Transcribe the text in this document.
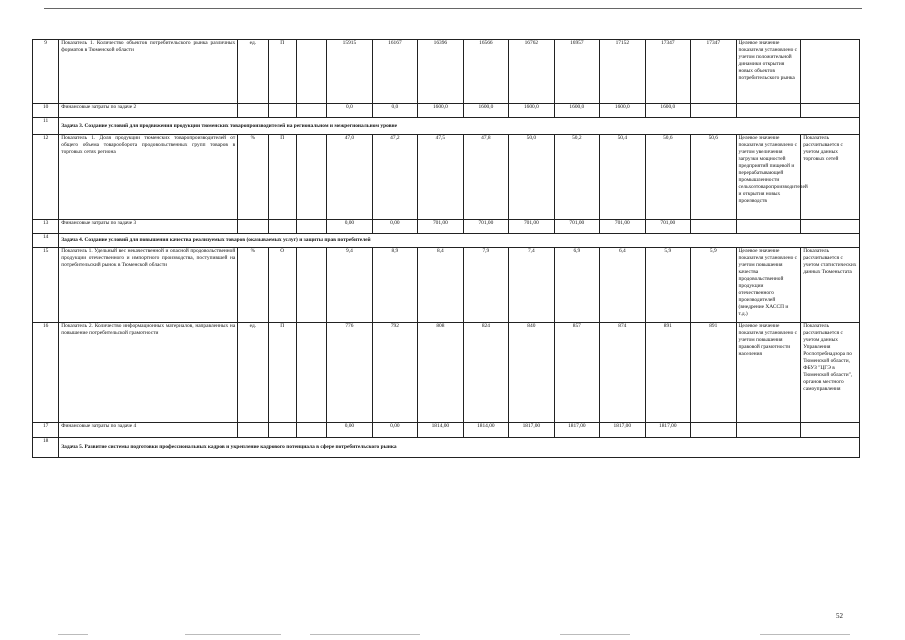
9	Показатель 1. Количество объектов потребительского рынка различных форматов в Тюменской области	ед.	П		15915	16167	16396	16566	16762	16957	17152	17347	17347	Целевое значение показателя установлено с учетом положительной динамики открытия новых объектов потребительского рынка	
10	Финансовые затраты по задаче 2				0,0	0,0	1600,0	1600,0	1600,0	1600,0	1600,0	1600,0			
11	Задача 3. Создание условий для продвижения продукции тюменских товаропроизводителей на региональном и межрегиональном уровне														
12	Показатель 1. Доля продукции тюменских товаропроизводителей от общего объема товарооборота продовольственных групп товаров в торговых сетях региона	%	П		47,0	47,2	47,5	47,8	50,0	50,2	50,4	50,6	50,6	Целевое значение показателя установлено с учетом увеличения загрузки мощностей предприятий пищевой и перерабатывающей промышленности сельхозтоваропроизводителей и открытия новых производств	Показатель рассчитывается с учетом данных торговых сетей
13	Финансовые затраты по задаче 3				0,00	0,00	701,00	701,00	701,00	701,00	701,00	701,00			
14	Задача 4. Создание условий для повышения качества реализуемых товаров (оказываемых услуг) и защиты прав потребителей														
15	Показатель 1. Удельный вес некачественной и опасной продовольственной продукции отечественного и импортного производства, поступившей на потребительский рынок в Тюменской области	%	О		9,4	8,9	8,4	7,9	7,4	6,9	6,4	5,9	5,9	Целевое значение показателя установлено с учетом повышения качества продовольственной продукции отечественного производителей (внедрение ХАССП и т.д.)	Показатель рассчитывается с учетом статистических данных Тюменьстата
16	Показатель 2. Количество информационных материалов, направленных на повышение потребительской грамотности	ед.	П		776	792	808	824	840	857	874	891	891	Целевое значение показателя установлено с учетом повышения правовой грамотности населения	Показатель рассчитывается с учетом данных Управления Роспотребнадзора по Тюменской области, ФБУЗ "ЦГЭ в Тюменской области", органов местного самоуправления
17	Финансовые затраты по задаче 4				0,00	0,00	1814,00	1814,00	1817,00	1817,00	1817,00	1817,00			
18	Задача 5. Развитие системы подготовки профессиональных кадров и укрепление кадрового потенциала в сфере потребительского рынка														
52
